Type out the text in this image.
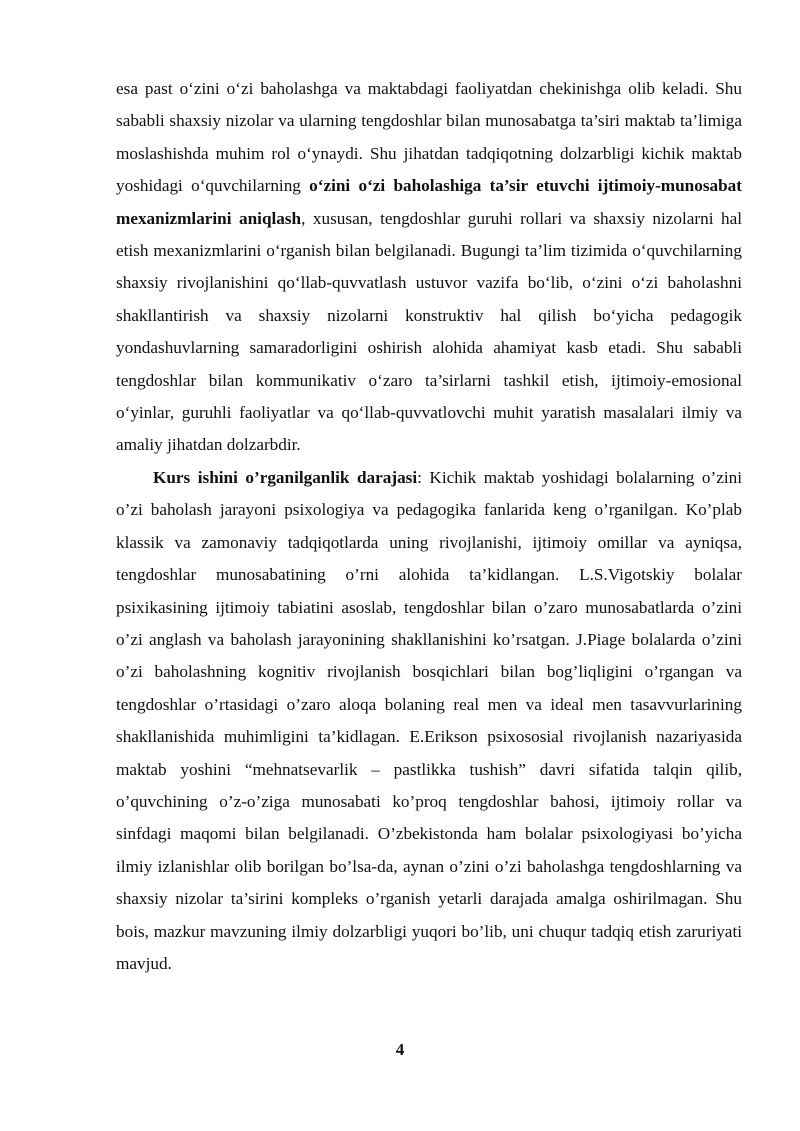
esa past o‘zini o‘zi baholashga va maktabdagi faoliyatdan chekinishga olib keladi. Shu sababli shaxsiy nizolar va ularning tengdoshlar bilan munosabatga ta’siri maktab ta’limiga moslashishda muhim rol o‘ynaydi. Shu jihatdan tadqiqotning dolzarbligi kichik maktab yoshidagi o‘quvchilarning o‘zini o‘zi baholashiga ta’sir etuvchi ijtimoiy-munosabat mexanizmlarini aniqlash, xususan, tengdoshlar guruhi rollari va shaxsiy nizolarni hal etish mexanizmlarini o‘rganish bilan belgilanadi. Bugungi ta’lim tizimida o‘quvchilarning shaxsiy rivojlanishini qo‘llab-quvvatlash ustuvor vazifa bo‘lib, o‘zini o‘zi baholashni shakllantirish va shaxsiy nizolarni konstruktiv hal qilish bo‘yicha pedagogik yondashuvlarning samaradorligini oshirish alohida ahamiyat kasb etadi. Shu sababli tengdoshlar bilan kommunikativ o‘zaro ta’sirlarni tashkil etish, ijtimoiy-emosional o‘yinlar, guruhli faoliyatlar va qo‘llab-quvvatlovchi muhit yaratish masalalari ilmiy va amaliy jihatdan dolzarbdir.

Kurs ishini o’rganilganlik darajasi: Kichik maktab yoshidagi bolalarning o’zini o’zi baholash jarayoni psixologiya va pedagogika fanlarida keng o’rganilgan. Ko’plab klassik va zamonaviy tadqiqotlarda uning rivojlanishi, ijtimoiy omillar va ayniqsa, tengdoshlar munosabatining o’rni alohida ta’kidlangan. L.S.Vigotskiy bolalar psixikasining ijtimoiy tabiatini asoslab, tengdoshlar bilan o’zaro munosabatlarda o’zini o’zi anglash va baholash jarayonining shakllanishini ko’rsatgan. J.Piage bolalarda o’zini o’zi baholashning kognitiv rivojlanish bosqichlari bilan bog’liqligini o’rgangan va tengdoshlar o’rtasidagi o’zaro aloqa bolaning real men va ideal men tasavvurlarining shakllanishida muhimligini ta’kidlagan. E.Erikson psixososial rivojlanish nazariyasida maktab yoshini “mehnatsevarlik – pastlikka tushish” davri sifatida talqin qilib, o’quvchining o’z-o’ziga munosabati ko’proq tengdoshlar bahosi, ijtimoiy rollar va sinfdagi maqomi bilan belgilanadi. O’zbekistonda ham bolalar psixologiyasi bo’yicha ilmiy izlanishlar olib borilgan bo’lsa-da, aynan o’zini o’zi baholashga tengdoshlarning va shaxsiy nizolar ta’sirini kompleks o’rganish yetarli darajada amalga oshirilmagan. Shu bois, mazkur mavzuning ilmiy dolzarbligi yuqori bo’lib, uni chuqur tadqiq etish zaruriyati mavjud.

4
